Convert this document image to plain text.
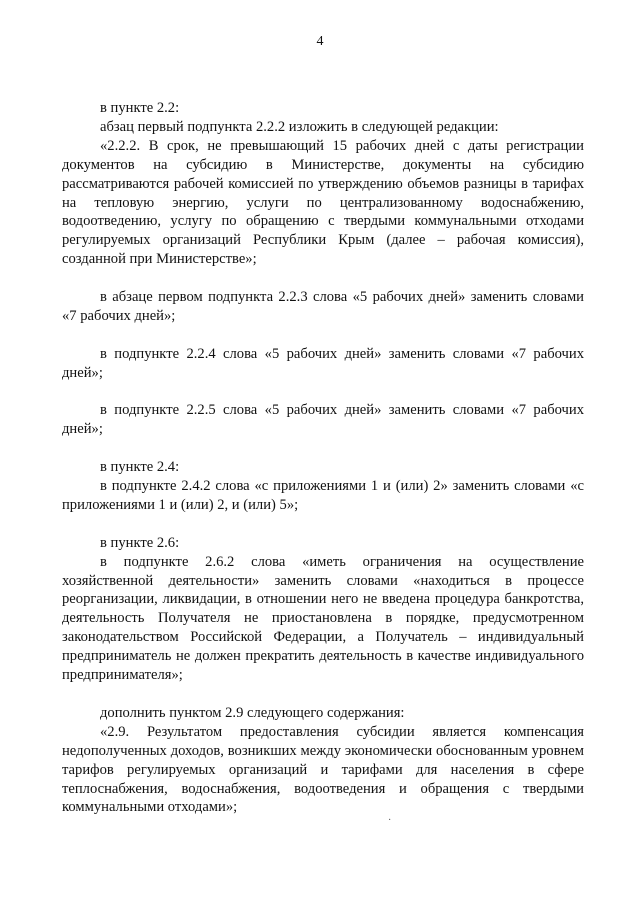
4

в пункте 2.2:

абзац первый подпункта 2.2.2 изложить в следующей редакции:

«2.2.2. В срок, не превышающий 15 рабочих дней с даты регистрации документов на субсидию в Министерстве, документы на субсидию рассматриваются рабочей комиссией по утверждению объемов разницы в тарифах на тепловую энергию, услуги по централизованному водоснабжению, водоотведению, услугу по обращению с твердыми коммунальными отходами регулируемых организаций Республики Крым (далее – рабочая комиссия), созданной при Министерстве»;

в абзаце первом подпункта 2.2.3 слова «5 рабочих дней» заменить словами «7 рабочих дней»;

в подпункте 2.2.4 слова «5 рабочих дней» заменить словами «7 рабочих дней»;

в подпункте 2.2.5 слова «5 рабочих дней» заменить словами «7 рабочих дней»;

в пункте 2.4:

в подпункте 2.4.2 слова «с приложениями 1 и (или) 2» заменить словами «с приложениями 1 и (или) 2, и (или) 5»;

в пункте 2.6:

в подпункте 2.6.2 слова «иметь ограничения на осуществление хозяйственной деятельности» заменить словами «находиться в процессе реорганизации, ликвидации, в отношении него не введена процедура банкротства, деятельность Получателя не приостановлена в порядке, предусмотренном законодательством Российской Федерации, а Получатель – индивидуальный предприниматель не должен прекратить деятельность в качестве индивидуального предпринимателя»;

дополнить пунктом 2.9 следующего содержания:

«2.9. Результатом предоставления субсидии является компенсация недополученных доходов, возникших между экономически обоснованным уровнем тарифов регулируемых организаций и тарифами для населения в сфере теплоснабжения, водоснабжения, водоотведения и обращения с твердыми коммунальными отходами»;

·
